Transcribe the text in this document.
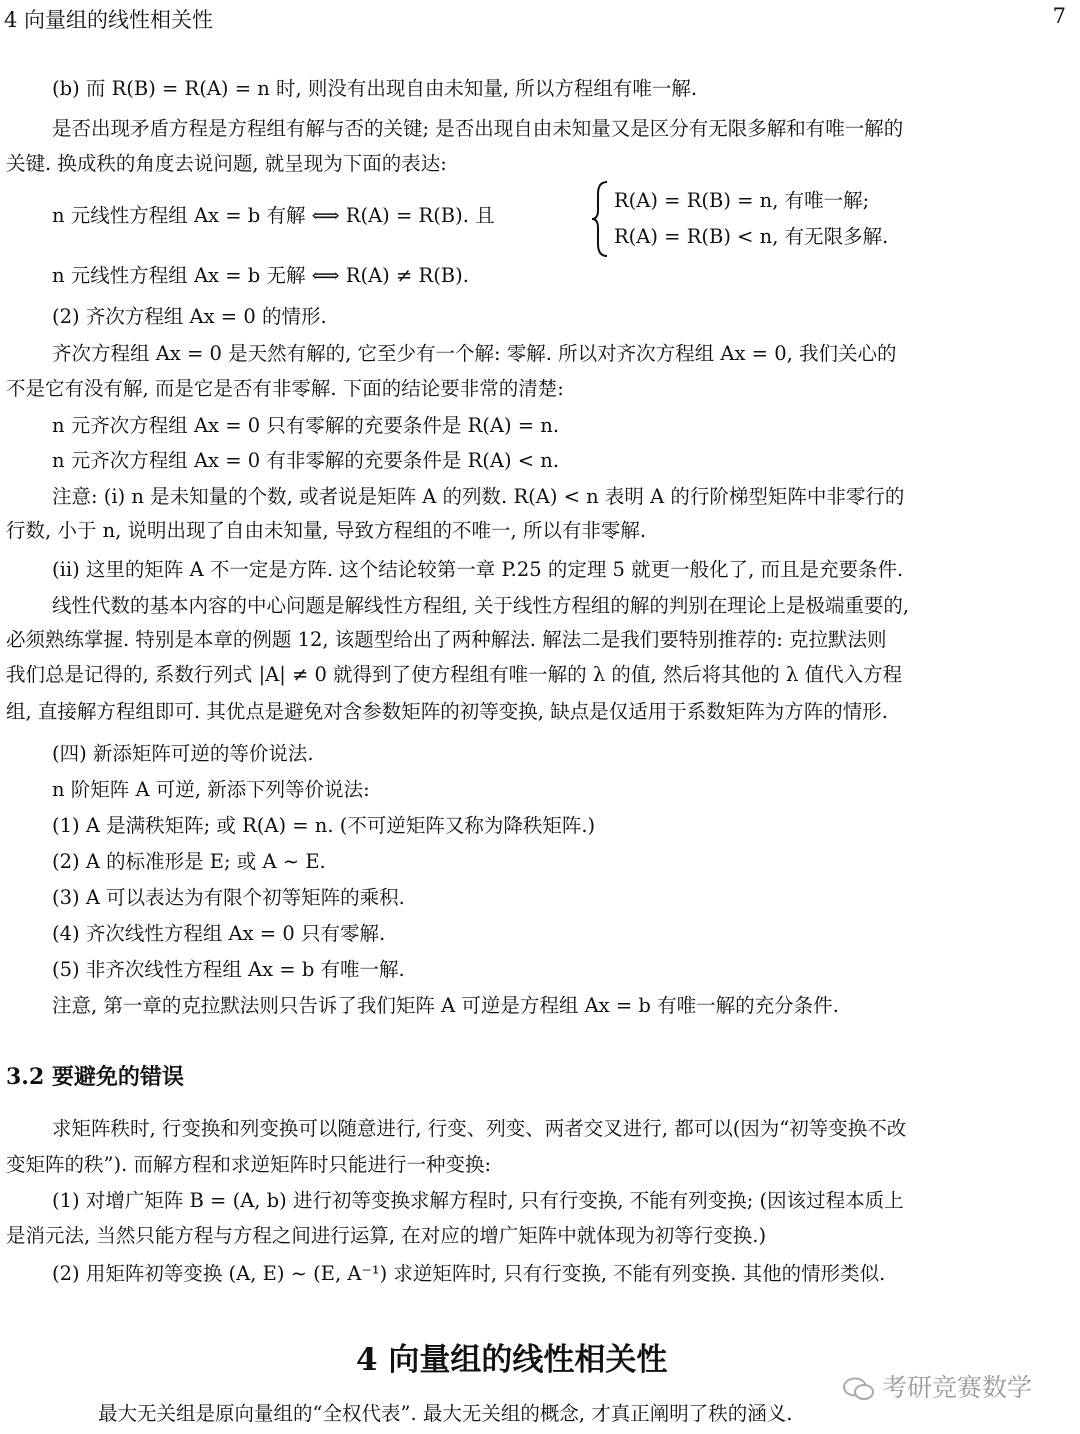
4 向量组的线性相关性	7
(b) 而 R(B) = R(A) = n 时, 则没有出现自由未知量, 所以方程组有唯一解.
是否出现矛盾方程是方程组有解与否的关键; 是否出现自由未知量又是区分有无限多解和有唯一解的
关键. 换成秩的角度去说问题, 就呈现为下面的表达:
n 元线性方程组 Ax = b 有解 ⟺ R(A) = R(B). 且
R(A) = R(B) = n, 有唯一解;
R(A) = R(B) < n, 有无限多解.
n 元线性方程组 Ax = b 无解 ⟺ R(A) ≠ R(B).
(2) 齐次方程组 Ax = 0 的情形.
齐次方程组 Ax = 0 是天然有解的, 它至少有一个解: 零解. 所以对齐次方程组 Ax = 0, 我们关心的
不是它有没有解, 而是它是否有非零解. 下面的结论要非常的清楚:
n 元齐次方程组 Ax = 0 只有零解的充要条件是 R(A) = n.
n 元齐次方程组 Ax = 0 有非零解的充要条件是 R(A) < n.
注意: (i) n 是未知量的个数, 或者说是矩阵 A 的列数. R(A) < n 表明 A 的行阶梯型矩阵中非零行的
行数, 小于 n, 说明出现了自由未知量, 导致方程组的不唯一, 所以有非零解.
(ii) 这里的矩阵 A 不一定是方阵. 这个结论较第一章 P.25 的定理 5 就更一般化了, 而且是充要条件.
线性代数的基本内容的中心问题是解线性方程组, 关于线性方程组的解的判别在理论上是极端重要的,
必须熟练掌握. 特别是本章的例题 12, 该题型给出了两种解法. 解法二是我们要特别推荐的: 克拉默法则
我们总是记得的, 系数行列式 |A| ≠ 0 就得到了使方程组有唯一解的 λ 的值, 然后将其他的 λ 值代入方程
组, 直接解方程组即可. 其优点是避免对含参数矩阵的初等变换, 缺点是仅适用于系数矩阵为方阵的情形.
(四) 新添矩阵可逆的等价说法.
n 阶矩阵 A 可逆, 新添下列等价说法:
(1) A 是满秩矩阵; 或 R(A) = n. (不可逆矩阵又称为降秩矩阵.)
(2) A 的标准形是 E; 或 A ∼ E.
(3) A 可以表达为有限个初等矩阵的乘积.
(4) 齐次线性方程组 Ax = 0 只有零解.
(5) 非齐次线性方程组 Ax = b 有唯一解.
注意, 第一章的克拉默法则只告诉了我们矩阵 A 可逆是方程组 Ax = b 有唯一解的充分条件.
3.2 要避免的错误
求矩阵秩时, 行变换和列变换可以随意进行, 行变、列变、两者交叉进行, 都可以(因为“初等变换不改
变矩阵的秩”). 而解方程和求逆矩阵时只能进行一种变换:
(1) 对增广矩阵 B = (A, b) 进行初等变换求解方程时, 只有行变换, 不能有列变换; (因该过程本质上
是消元法, 当然只能方程与方程之间进行运算, 在对应的增广矩阵中就体现为初等行变换.)
(2) 用矩阵初等变换 (A, E) ∼ (E, A⁻¹) 求逆矩阵时, 只有行变换, 不能有列变换. 其他的情形类似.
4 向量组的线性相关性
考研竞赛数学
最大无关组是原向量组的“全权代表”. 最大无关组的概念, 才真正阐明了秩的涵义.
